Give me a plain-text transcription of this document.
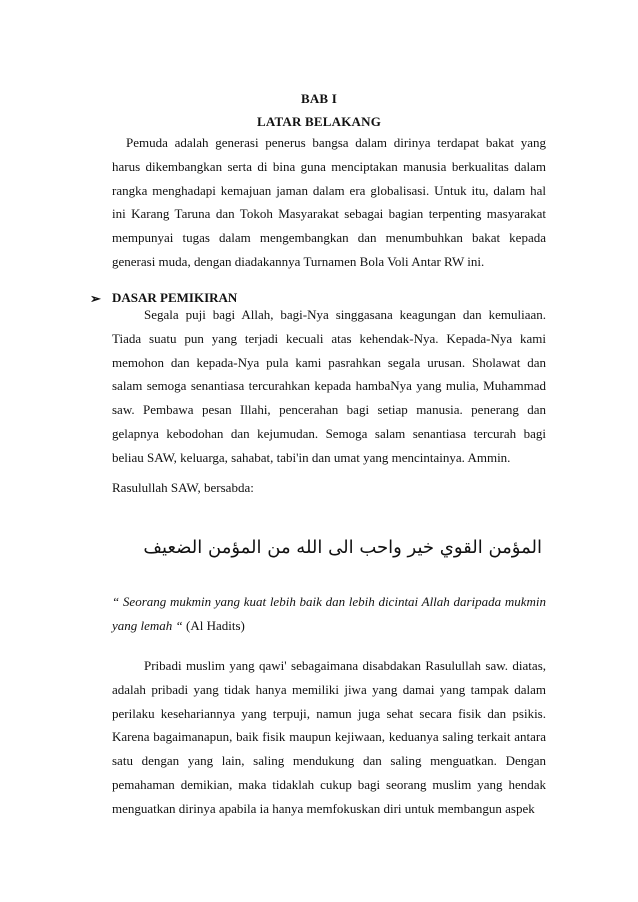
BAB I
LATAR BELAKANG

Pemuda adalah generasi penerus bangsa dalam dirinya terdapat bakat yang harus dikembangkan serta di bina guna menciptakan manusia berkualitas dalam rangka menghadapi kemajuan jaman dalam era globalisasi. Untuk itu, dalam hal ini Karang Taruna dan Tokoh Masyarakat sebagai bagian terpenting masyarakat mempunyai tugas dalam mengembangkan dan menumbuhkan bakat kepada generasi muda, dengan diadakannya Turnamen Bola Voli Antar RW ini.

➢ DASAR PEMIKIRAN

Segala puji bagi Allah, bagi-Nya singgasana keagungan dan kemuliaan. Tiada suatu pun yang terjadi kecuali atas kehendak-Nya. Kepada-Nya kami memohon dan kepada-Nya pula kami pasrahkan segala urusan. Sholawat dan salam semoga senantiasa tercurahkan kepada hambaNya yang mulia, Muhammad saw. Pembawa pesan Illahi, pencerahan bagi setiap manusia. penerang dan gelapnya kebodohan dan kejumudan. Semoga salam senantiasa tercurah bagi beliau SAW, keluarga, sahabat, tabi'in dan umat yang mencintainya. Ammin.

Rasulullah SAW, bersabda:
المؤمن القوي خير واحب الى الله من المؤمن الضعيف
“ Seorang mukmin yang kuat lebih baik dan lebih dicintai Allah daripada mukmin yang lemah “ (Al Hadits)

Pribadi muslim yang qawi' sebagaimana disabdakan Rasulullah saw. diatas, adalah pribadi yang tidak hanya memiliki jiwa yang damai yang tampak dalam perilaku kesehariannya yang terpuji, namun juga sehat secara fisik dan psikis. Karena bagaimanapun, baik fisik maupun kejiwaan, keduanya saling terkait antara satu dengan yang lain, saling mendukung dan saling menguatkan. Dengan pemahaman demikian, maka tidaklah cukup bagi seorang muslim yang hendak menguatkan dirinya apabila ia hanya memfokuskan diri untuk membangun aspek
